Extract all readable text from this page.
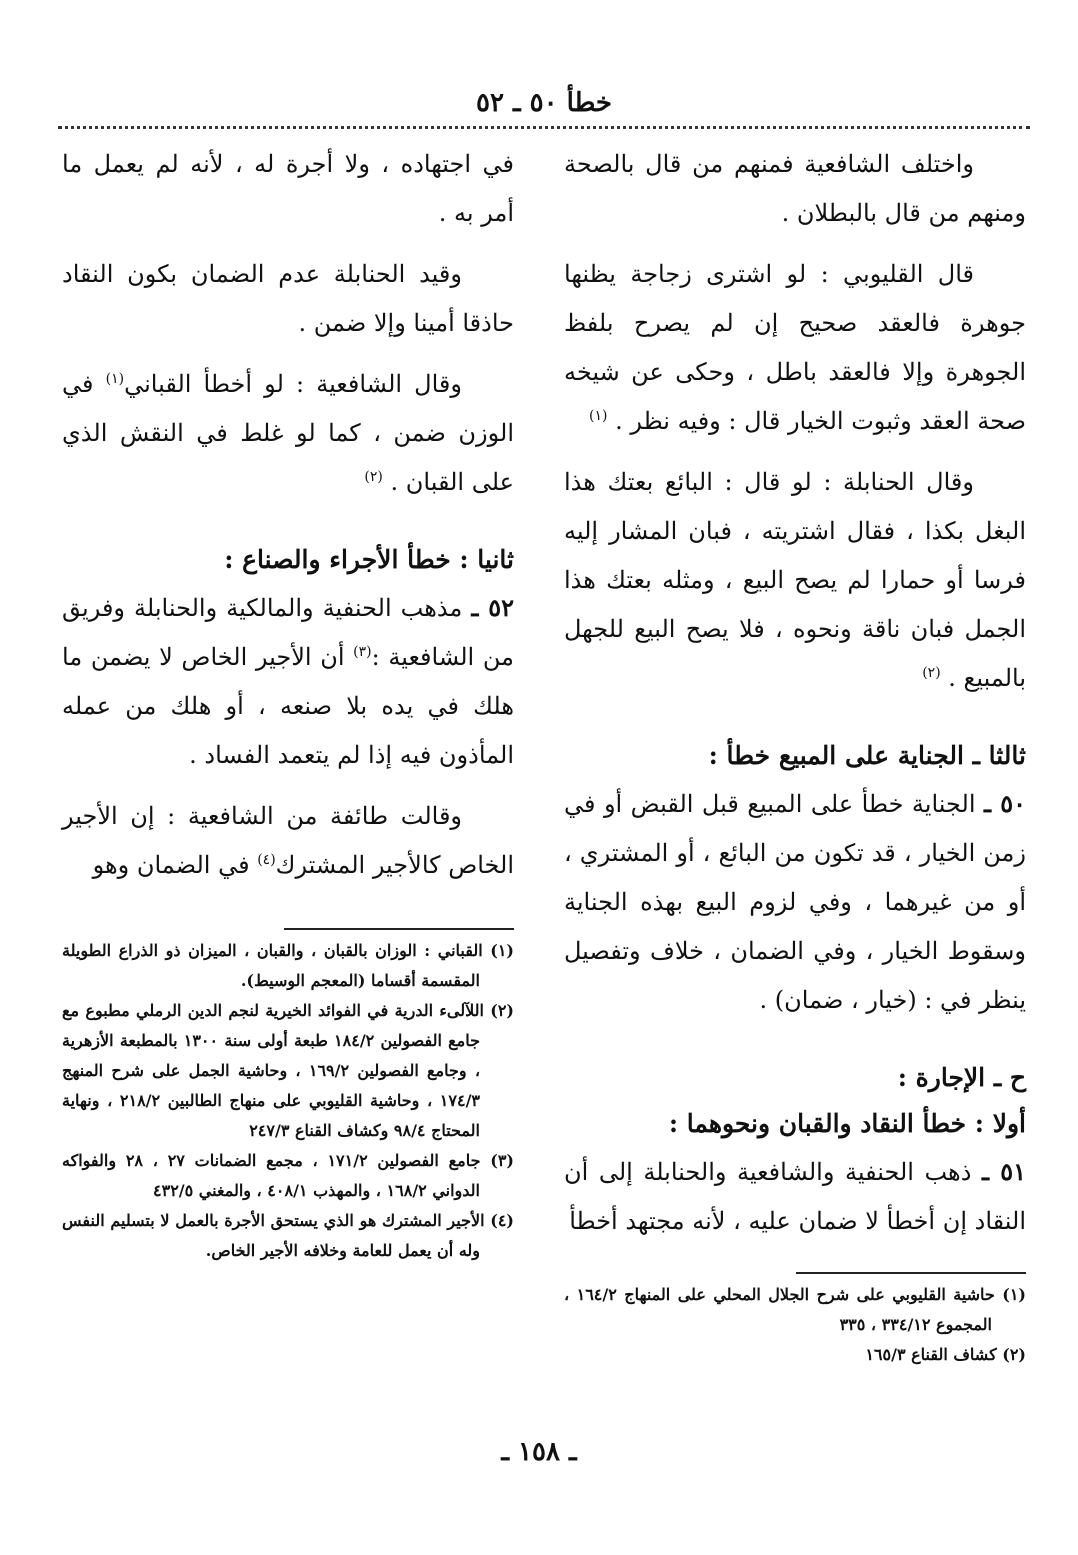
خطأ ٥٠ ـ ٥٢

واختلف الشافعية فمنهم من قال بالصحة ومنهم من قال بالبطلان .

قال القليوبي : لو اشترى زجاجة يظنها جوهرة فالعقد صحيح إن لم يصرح بلفظ الجوهرة وإلا فالعقد باطل ، وحكى عن شيخه صحة العقد وثبوت الخيار قال : وفيه نظر . $^{(١)}$

وقال الحنابلة : لو قال : البائع بعتك هذا البغل بكذا ، فقال اشتريته ، فبان المشار إليه فرسا أو حمارا لم يصح البيع ، ومثله بعتك هذا الجمل فبان ناقة ونحوه ، فلا يصح البيع للجهل بالمبيع . $^{(٢)}$

ثالثا ـ الجناية على المبيع خطأ :

٥٠ ـ الجناية خطأ على المبيع قبل القبض أو في زمن الخيار ، قد تكون من البائع ، أو المشتري ، أو من غيرهما ، وفي لزوم البيع بهذه الجناية وسقوط الخيار ، وفي الضمان ، خلاف وتفصيل ينظر في : (خيار ، ضمان) .

ح ـ الإجارة :
أولا : خطأ النقاد والقبان ونحوهما :

٥١ ـ ذهب الحنفية والشافعية والحنابلة إلى أن النقاد إن أخطأ لا ضمان عليه ، لأنه مجتهد أخطأ

(١) حاشية القليوبي على شرح الجلال المحلي على المنهاج ١٦٤/٢ ، المجموع ٣٣٤/١٢ ، ٣٣٥

(٢) كشاف القناع ١٦٥/٣

في اجتهاده ، ولا أجرة له ، لأنه لم يعمل ما أمر به .

وقيد الحنابلة عدم الضمان بكون النقاد حاذقا أمينا وإلا ضمن .

وقال الشافعية : لو أخطأ القباني$^{(١)}$ في الوزن ضمن ، كما لو غلط في النقش الذي على القبان . $^{(٢)}$

ثانيا : خطأ الأجراء والصناع :

٥٢ ـ مذهب الحنفية والمالكية والحنابلة وفريق من الشافعية :$^{(٣)}$ أن الأجير الخاص لا يضمن ما هلك في يده بلا صنعه ، أو هلك من عمله المأذون فيه إذا لم يتعمد الفساد .

وقالت طائفة من الشافعية : إن الأجير الخاص كالأجير المشترك$^{(٤)}$ في الضمان وهو

(١) القباني : الوزان بالقبان ، والقبان ، الميزان ذو الذراع الطويلة المقسمة أقساما (المعجم الوسيط).

(٢) اللآلىء الدرية في الفوائد الخيرية لنجم الدين الرملي مطبوع مع جامع الفصولين ١٨٤/٢ طبعة أولى سنة ١٣٠٠ بالمطبعة الأزهرية ، وجامع الفصولين ١٦٩/٢ ، وحاشية الجمل على شرح المنهج ١٧٤/٣ ، وحاشية القليوبي على منهاج الطالبين ٢١٨/٢ ، ونهاية المحتاج ٩٨/٤ وكشاف القناع ٢٤٧/٣

(٣) جامع الفصولين ١٧١/٢ ، مجمع الضمانات ٢٧ ، ٢٨ والفواكه الدواني ١٦٨/٢ ، والمهذب ٤٠٨/١ ، والمغني ٤٣٢/٥

(٤) الأجير المشترك هو الذي يستحق الأجرة بالعمل لا بتسليم النفس وله أن يعمل للعامة وخلافه الأجير الخاص.

ـ ١٥٨ ـ
